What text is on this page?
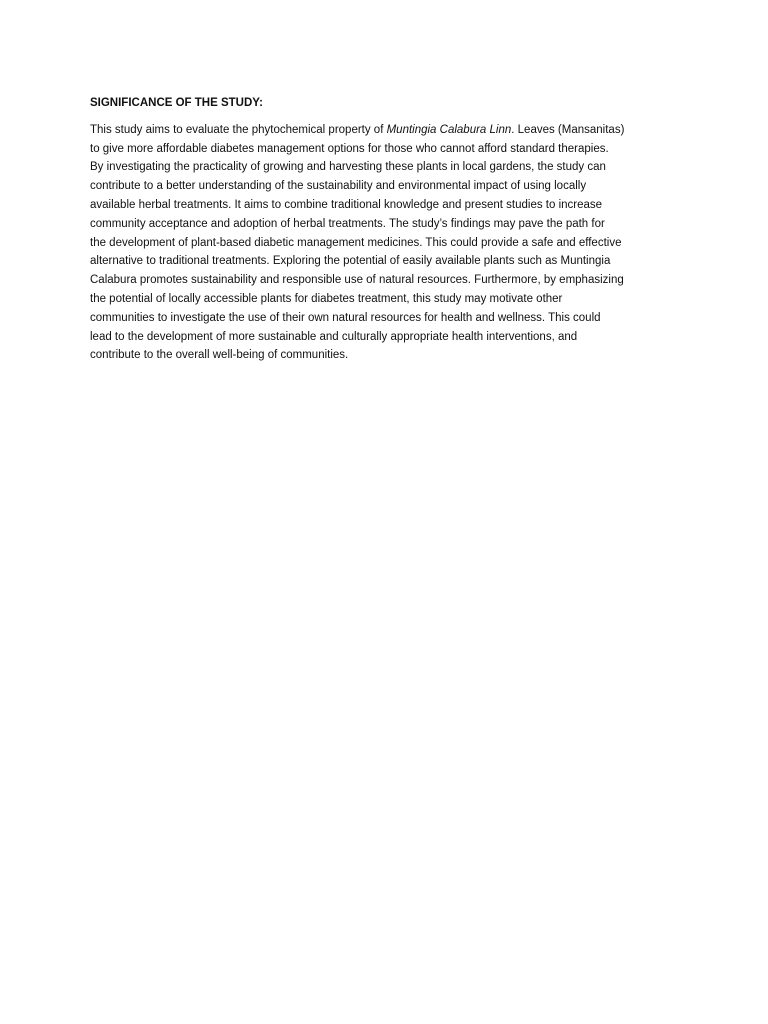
SIGNIFICANCE OF THE STUDY:
This study aims to evaluate the phytochemical property of Muntingia Calabura Linn. Leaves (Mansanitas)
to give more affordable diabetes management options for those who cannot afford standard therapies.
By investigating the practicality of growing and harvesting these plants in local gardens, the study can
contribute to a better understanding of the sustainability and environmental impact of using locally
available herbal treatments. It aims to combine traditional knowledge and present studies to increase
community acceptance and adoption of herbal treatments. The study’s findings may pave the path for
the development of plant-based diabetic management medicines. This could provide a safe and effective
alternative to traditional treatments. Exploring the potential of easily available plants such as Muntingia
Calabura promotes sustainability and responsible use of natural resources. Furthermore, by emphasizing
the potential of locally accessible plants for diabetes treatment, this study may motivate other
communities to investigate the use of their own natural resources for health and wellness. This could
lead to the development of more sustainable and culturally appropriate health interventions, and
contribute to the overall well-being of communities.
